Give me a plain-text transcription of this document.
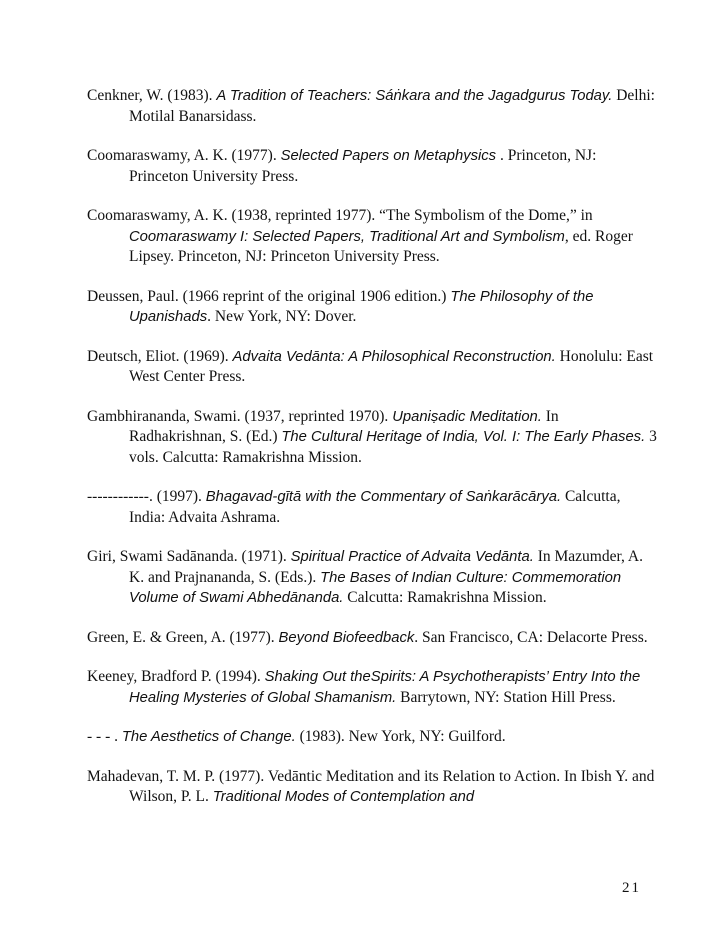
Cenkner, W. (1983). A Tradition of Teachers: Sáṅkara and the Jagadgurus Today. Delhi: Motilal Banarsidass.

Coomaraswamy, A. K. (1977). Selected Papers on Metaphysics . Princeton, NJ: Princeton University Press.

Coomaraswamy, A. K. (1938, reprinted 1977). “The Symbolism of the Dome,” in Coomaraswamy I: Selected Papers, Traditional Art and Symbolism, ed. Roger Lipsey. Princeton, NJ: Princeton University Press.

Deussen, Paul. (1966 reprint of the original 1906 edition.) The Philosophy of the Upanishads. New York, NY: Dover.

Deutsch, Eliot. (1969). Advaita Vedānta: A Philosophical Reconstruction. Honolulu: East West Center Press.

Gambhirananda, Swami. (1937, reprinted 1970). Upaniṣadic Meditation. In Radhakrishnan, S. (Ed.) The Cultural Heritage of India, Vol. I: The Early Phases. 3 vols. Calcutta: Ramakrishna Mission.

------------. (1997). Bhagavad-gītā with the Commentary of Saṅkarācārya. Calcutta, India: Advaita Ashrama.

Giri, Swami Sadānanda. (1971). Spiritual Practice of Advaita Vedānta. In Mazumder, A. K. and Prajnananda, S. (Eds.). The Bases of Indian Culture: Commemoration Volume of Swami Abhedānanda. Calcutta: Ramakrishna Mission.

Green, E. & Green, A. (1977). Beyond Biofeedback. San Francisco, CA: Delacorte Press.

Keeney, Bradford P. (1994). Shaking Out theSpirits: A Psychotherapists’ Entry Into the Healing Mysteries of Global Shamanism. Barrytown, NY: Station Hill Press.

- - - . The Aesthetics of Change. (1983). New York, NY: Guilford.

Mahadevan, T. M. P. (1977). Vedāntic Meditation and its Relation to Action. In Ibish Y. and Wilson, P. L. Traditional Modes of Contemplation and

21
